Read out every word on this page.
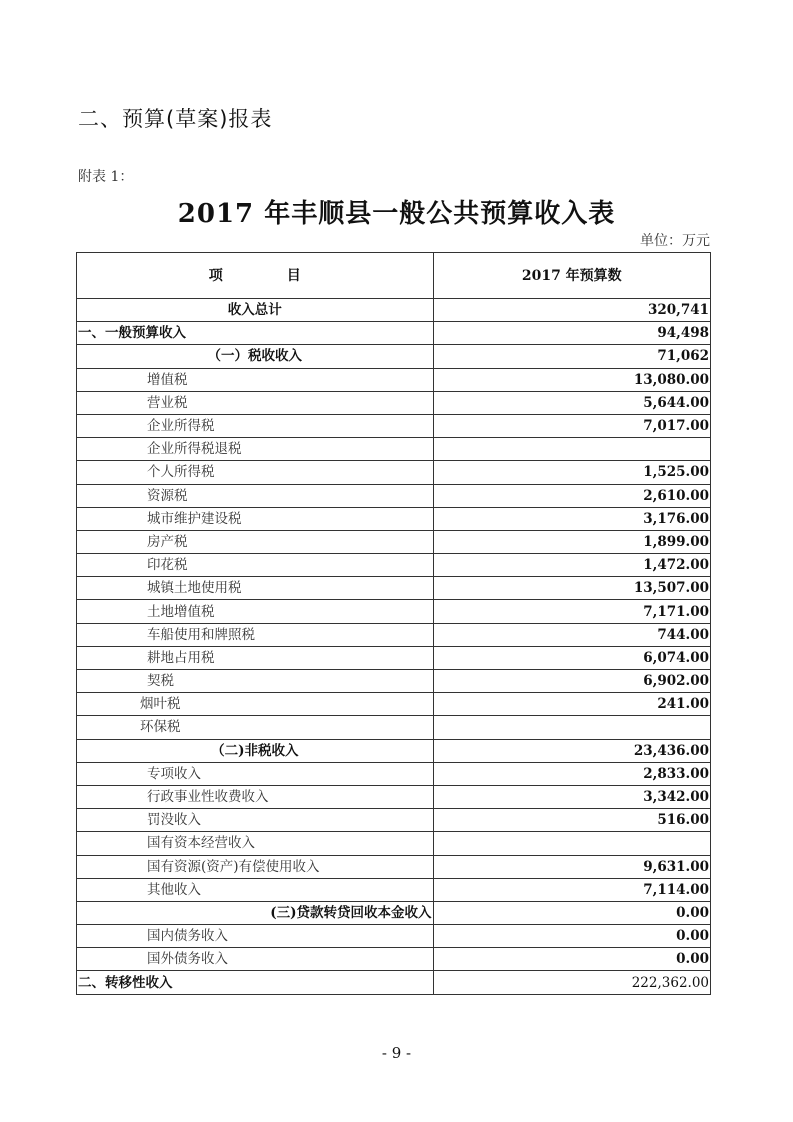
二、预算(草案)报表
附表 1：
2017 年丰顺县一般公共预算收入表
单位：万元
项 目	2017 年预算数
收入总计	320,741
一、一般预算收入	94,498
（一）税收收入	71,062
增值税	13,080.00
营业税	5,644.00
企业所得税	7,017.00
企业所得税退税	
个人所得税	1,525.00
资源税	2,610.00
城市维护建设税	3,176.00
房产税	1,899.00
印花税	1,472.00
城镇土地使用税	13,507.00
土地增值税	7,171.00
车船使用和牌照税	744.00
耕地占用税	6,074.00
契税	6,902.00
烟叶税	241.00
环保税	
（二)非税收入	23,436.00
专项收入	2,833.00
行政事业性收费收入	3,342.00
罚没收入	516.00
国有资本经营收入	
国有资源(资产)有偿使用收入	9,631.00
其他收入	7,114.00
(三)贷款转贷回收本金收入	0.00
国内债务收入	0.00
国外债务收入	0.00
二、转移性收入	222,362.00
- 9 -
